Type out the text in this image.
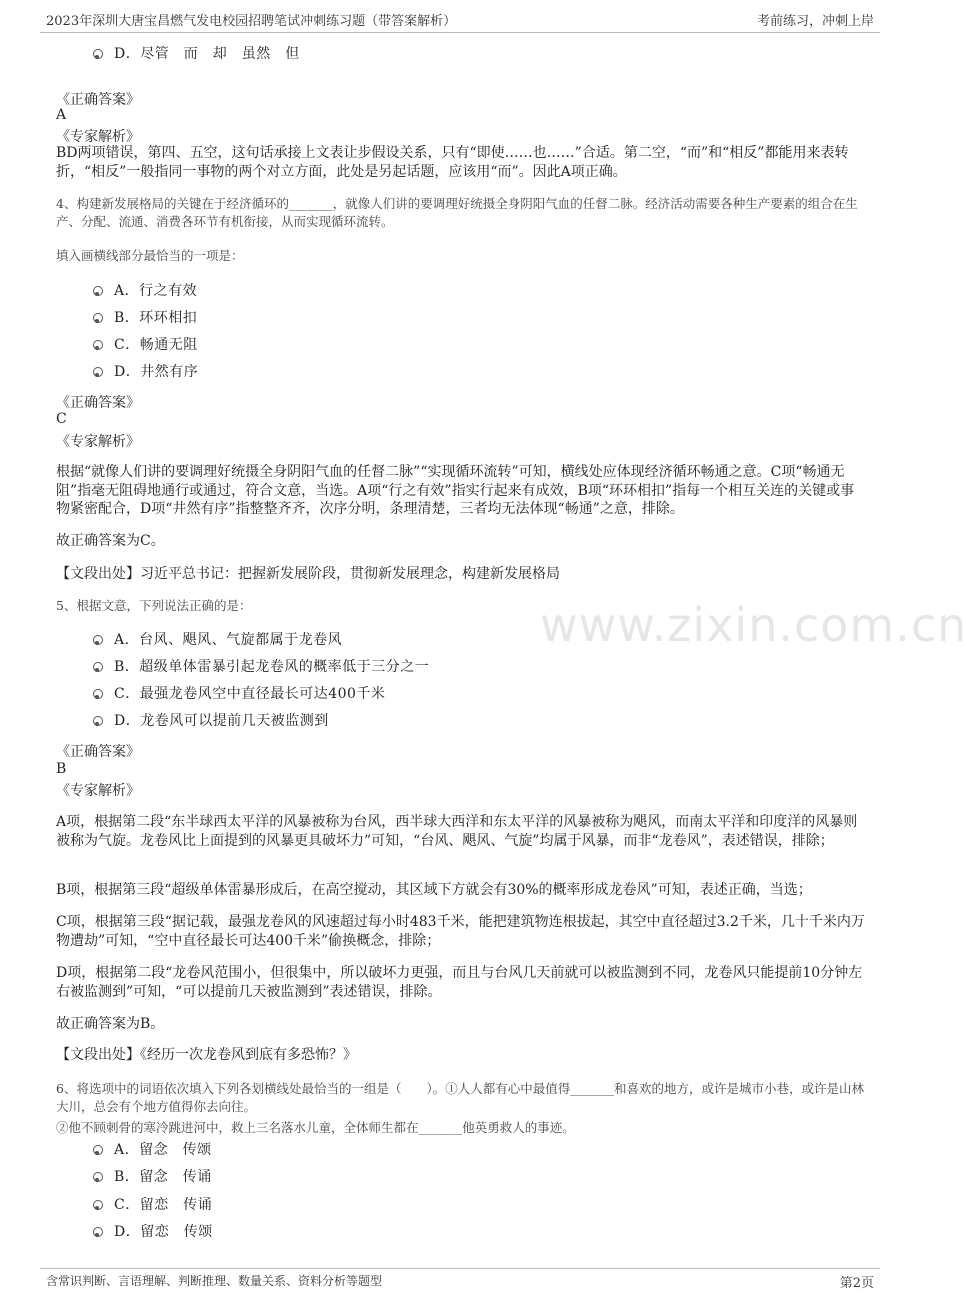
2023年深圳大唐宝昌燃气发电校园招聘笔试冲刺练习题（带答案解析）	考前练习，冲刺上岸
www.zixin.com.cn
D．尽管　而　却　虽然　但
《正确答案》
A
《专家解析》
BD两项错误，第四、五空，这句话承接上文表让步假设关系，只有“即使……也……”合适。第二空，“而”和“相反”都能用来表转折，“相反”一般指同一事物的两个对立方面，此处是另起话题，应该用“而”。因此A项正确。
4、构建新发展格局的关键在于经济循环的_______，就像人们讲的要调理好统摄全身阴阳气血的任督二脉。经济活动需要各种生产要素的组合在生产、分配、流通、消费各环节有机衔接，从而实现循环流转。
填入画横线部分最恰当的一项是：
A．行之有效
B．环环相扣
C．畅通无阻
D．井然有序
《正确答案》
C
《专家解析》
根据“就像人们讲的要调理好统摄全身阴阳气血的任督二脉”“实现循环流转”可知，横线处应体现经济循环畅通之意。C项“畅通无阻”指毫无阻碍地通行或通过，符合文意，当选。A项“行之有效”指实行起来有成效，B项“环环相扣”指每一个相互关连的关键或事物紧密配合，D项“井然有序”指整整齐齐，次序分明，条理清楚，三者均无法体现“畅通”之意，排除。
故正确答案为C。
【文段出处】习近平总书记：把握新发展阶段，贯彻新发展理念，构建新发展格局
5、根据文意，下列说法正确的是：
A．台风、飓风、气旋都属于龙卷风
B．超级单体雷暴引起龙卷风的概率低于三分之一
C．最强龙卷风空中直径最长可达400千米
D．龙卷风可以提前几天被监测到
《正确答案》
B
《专家解析》
A项，根据第二段“东半球西太平洋的风暴被称为台风，西半球大西洋和东太平洋的风暴被称为飓风，而南太平洋和印度洋的风暴则被称为气旋。龙卷风比上面提到的风暴更具破坏力”可知，“台风、飓风、气旋”均属于风暴，而非“龙卷风”，表述错误，排除；
B项，根据第三段“超级单体雷暴形成后，在高空搅动，其区域下方就会有30%的概率形成龙卷风”可知，表述正确，当选；
C项，根据第三段“据记载，最强龙卷风的风速超过每小时483千米，能把建筑物连根拔起，其空中直径超过3.2千米，几十千米内万物遭劫”可知，“空中直径最长可达400千米”偷换概念，排除；
D项，根据第二段“龙卷风范围小，但很集中，所以破坏力更强，而且与台风几天前就可以被监测到不同，龙卷风只能提前10分钟左右被监测到”可知，“可以提前几天被监测到”表述错误，排除。
故正确答案为B。
【文段出处】《经历一次龙卷风到底有多恐怖？》
6、将选项中的词语依次填入下列各划横线处最恰当的一组是（　　）。①人人都有心中最值得_______和喜欢的地方，或许是城市小巷，或许是山林大川，总会有个地方值得你去向往。
②他不顾刺骨的寒冷跳进河中，救上三名落水儿童，全体师生都在_______他英勇救人的事迹。
A．留念　传颂
B．留念　传诵
C．留恋　传诵
D．留恋　传颂
含常识判断、言语理解、判断推理、数量关系、资料分析等题型	第2页
